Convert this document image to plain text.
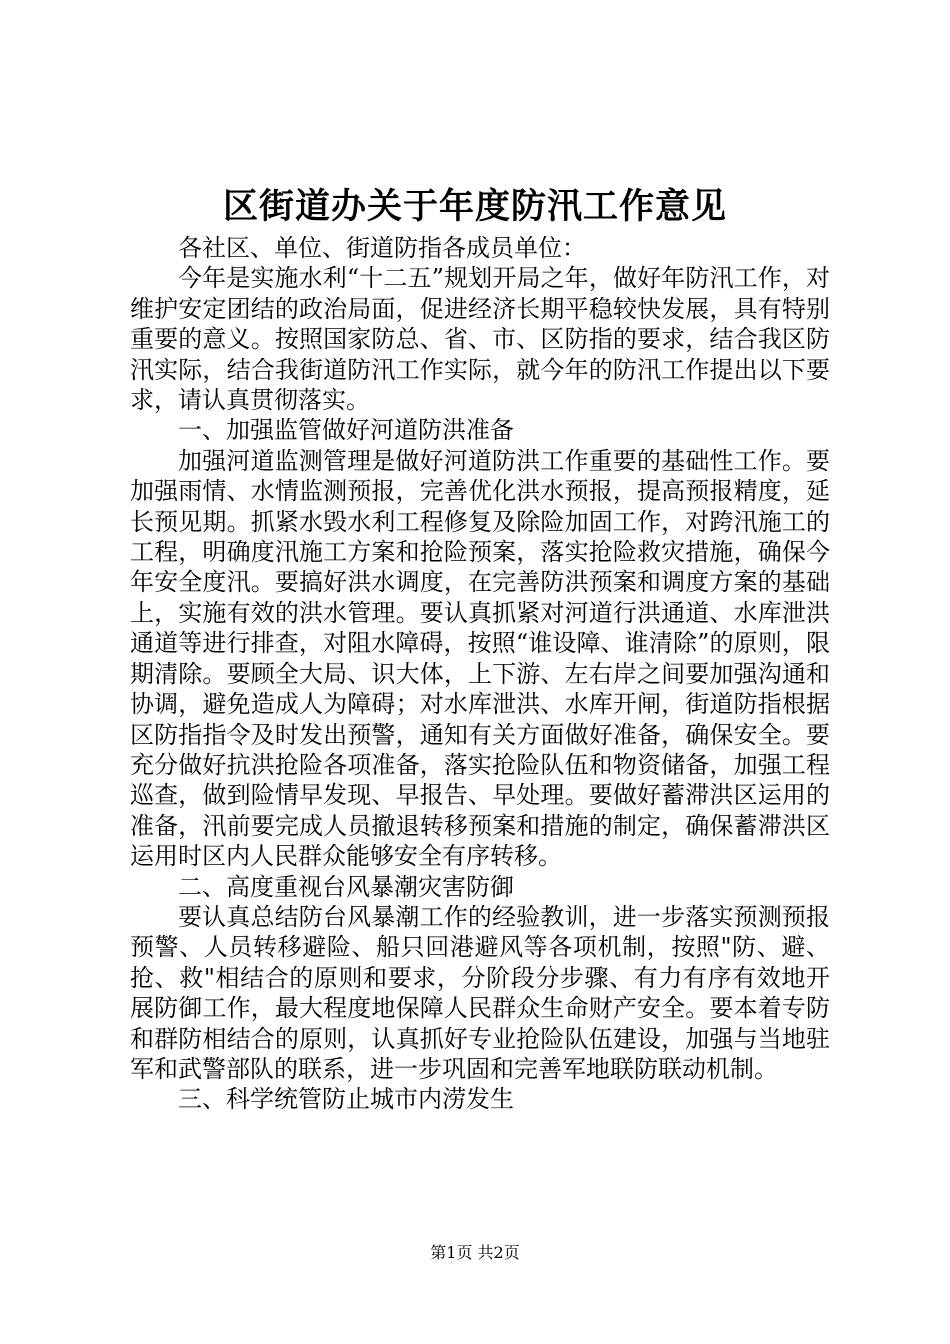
区街道办关于年度防汛工作意见

各社区、单位、街道防指各成员单位：

今年是实施水利“十二五”规划开局之年，做好年防汛工作，对维护安定团结的政治局面，促进经济长期平稳较快发展，具有特别重要的意义。按照国家防总、省、市、区防指的要求，结合我区防汛实际，结合我街道防汛工作实际，就今年的防汛工作提出以下要求，请认真贯彻落实。

一、加强监管做好河道防洪准备

加强河道监测管理是做好河道防洪工作重要的基础性工作。要加强雨情、水情监测预报，完善优化洪水预报，提高预报精度，延长预见期。抓紧水毁水利工程修复及除险加固工作，对跨汛施工的工程，明确度汛施工方案和抢险预案，落实抢险救灾措施，确保今年安全度汛。要搞好洪水调度，在完善防洪预案和调度方案的基础上，实施有效的洪水管理。要认真抓紧对河道行洪通道、水库泄洪通道等进行排查，对阻水障碍，按照“谁设障、谁清除”的原则，限期清除。要顾全大局、识大体，上下游、左右岸之间要加强沟通和协调，避免造成人为障碍；对水库泄洪、水库开闸，街道防指根据区防指指令及时发出预警，通知有关方面做好准备，确保安全。要充分做好抗洪抢险各项准备，落实抢险队伍和物资储备，加强工程巡查，做到险情早发现、早报告、早处理。要做好蓄滞洪区运用的准备，汛前要完成人员撤退转移预案和措施的制定，确保蓄滞洪区运用时区内人民群众能够安全有序转移。

二、高度重视台风暴潮灾害防御

要认真总结防台风暴潮工作的经验教训，进一步落实预测预报预警、人员转移避险、船只回港避风等各项机制，按照"防、避、抢、救"相结合的原则和要求，分阶段分步骤、有力有序有效地开展防御工作，最大程度地保障人民群众生命财产安全。要本着专防和群防相结合的原则，认真抓好专业抢险队伍建设，加强与当地驻军和武警部队的联系，进一步巩固和完善军地联防联动机制。

三、科学统管防止城市内涝发生

第1页 共2页
